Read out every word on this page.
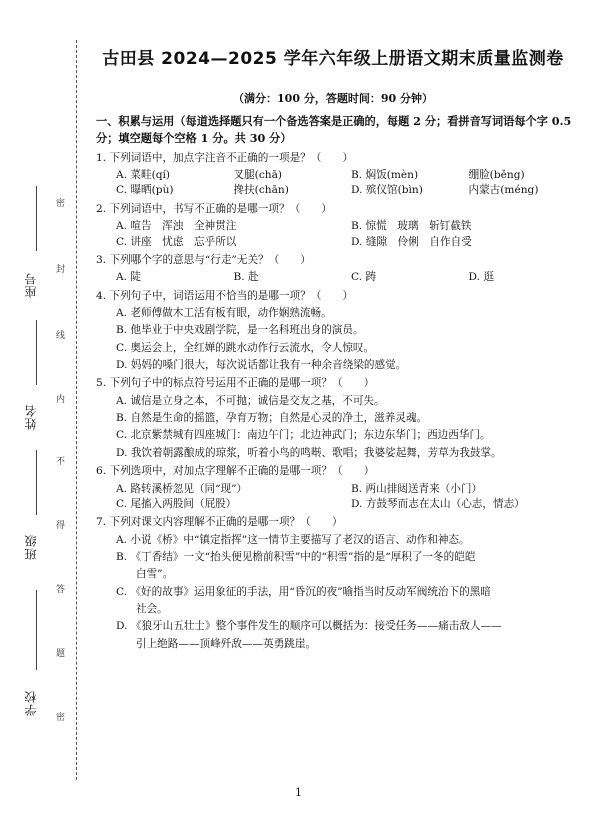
学校
班级
姓名
座号
密
封
线
内
不
得
答
题
密
古田县 2024—2025 学年六年级上册语文期末质量监测卷
（满分：100 分，答题时间：90 分钟）
一、积累与运用（每道选择题只有一个备选答案是正确的，每题 2 分；看拼音写词语每个字 0.5 分；填空题每个空格 1 分。共 30 分）
1. 下列词语中，加点字注音不正确的一项是？（　　）
A. 菜畦(qí)	叉腿(chā)	B. 焖饭(mèn)	绷脸(běng)
C. 曝晒(pù)	搀扶(chān)	D. 殡仪馆(bìn)	内蒙古(méng)
2. 下列词语中，书写不正确的是哪一项？（　　）
A. 喧告　浑浊　全神贯注	B. 惊慌　玻璃　斩钉截铁
C. 讲座　忧虑　忘乎所以	D. 缝隙　伶俐　自作自受
3. 下列哪个字的意思与“行走”无关？（　　）
A. 陡	B. 赴	C. 踌	D. 逛
4. 下列句子中，词语运用不恰当的是哪一项？（　　）
A. 老师傅做木工活有板有眼，动作娴熟流畅。
B. 他毕业于中央戏剧学院，是一名科班出身的演员。
C. 奥运会上，全红婵的跳水动作行云流水，令人惊叹。
D. 妈妈的嗓门很大，每次说话都让我有一种余音绕梁的感觉。
5. 下列句子中的标点符号运用不正确的是哪一项？（　　）
A. 诚信是立身之本，不可抛；诚信是交友之基，不可失。
B. 自然是生命的摇篮，孕育万物；自然是心灵的净土，滋养灵魂。
C. 北京紫禁城有四座城门：南边午门；北边神武门；东边东华门；西边西华门。
D. 我饮着朝露酿成的琼浆，听着小鸟的鸣啭、歌唱；我婆娑起舞，芳草为我鼓掌。
6. 下列选项中，对加点字理解不正确的是哪一项？（　　）
A. 路转溪桥忽见（同“现”）	B. 两山排闼送青来（小门）
C. 尾搐入两股间（屁股）	D. 方鼓琴而志在太山（心志，情志）
7. 下列对课文内容理解不正确的是哪一项？（　　）
A. 小说《桥》中“镇定指挥”这一情节主要描写了老汉的语言、动作和神态。
B. 《丁香结》一文“抬头便见檐前积雪”中的“积雪”指的是“厚积了一冬的皑皑
白雪”。
C. 《好的故事》运用象征的手法，用“昏沉的夜”喻指当时反动军阀统治下的黑暗
社会。
D. 《狼牙山五壮士》整个事件发生的顺序可以概括为：接受任务——痛击敌人——
引上绝路——顶峰歼敌——英勇跳崖。
1
